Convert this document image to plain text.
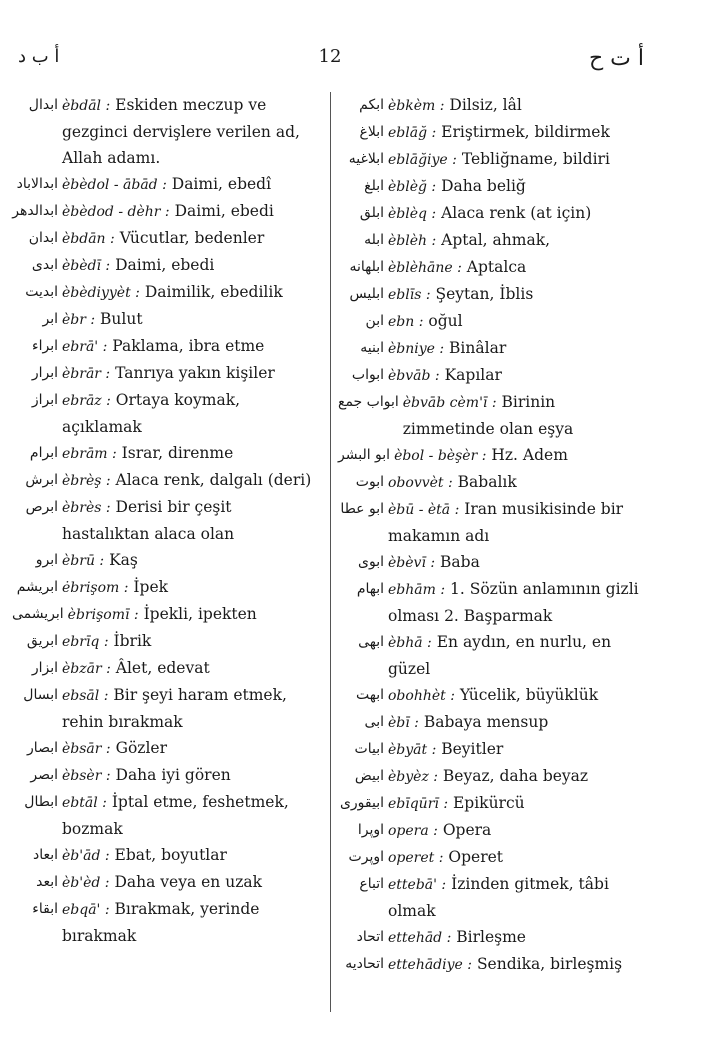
أ ب د	12	أ ت ح
ابدال èbdāl : Eskiden meczup ve gezginci dervişlere verilen ad, Allah adamı.
ابدالاباد èbèdol - ābād : Daimi, ebedî
ابدالدهر èbèdod - dèhr : Daimi, ebedi
ابدان èbdān : Vücutlar, bedenler
ابدى èbèdī : Daimi, ebedi
ابديت èbèdiyyèt : Daimilik, ebedilik
ابر èbr : Bulut
ابراء ebrā' : Paklama, ibra etme
ابرار èbrār : Tanrıya yakın kişiler
ابراز ebrāz : Ortaya koymak, açıklamak
ابرام ebrām : Israr, direnme
ابرش èbrèş : Alaca renk, dalgalı (deri)
ابرص èbrès : Derisi bir çeşit hastalıktan alaca olan
ابرو èbrū : Kaş
ابريشم ėbrişom : İpek
ابريشمى èbrişomī : İpekli, ipekten
ابريق ebrīq : İbrik
ابزار èbzār : Âlet, edevat
ابسال ebsāl : Bir şeyi haram etmek, rehin bırakmak
ابصار èbsār : Gözler
ابصر èbsèr : Daha iyi gören
ابطال ebtāl : İptal etme, feshetmek, bozmak
ابعاد èb'ād : Ebat, boyutlar
ابعد èb'èd : Daha veya en uzak
ابقاء ebqā' : Bırakmak, yerinde bırakmak
ابكم èbkèm : Dilsiz, lâl
ابلاغ eblāğ : Eriştirmek, bildirmek
ابلاغيه eblāğiye : Tebliğname, bildiri
ابلغ èblèğ : Daha beliğ
ابلق èblèq : Alaca renk (at için)
ابله èblèh : Aptal, ahmak,
ابلهانه èblèhāne : Aptalca
ابليس eblīs : Şeytan, İblis
ابن ebn : oğul
ابنيه èbniye : Binâlar
ابواب èbvāb : Kapılar
ابواب جمع èbvāb cèm'ī : Birinin zimmetinde olan eşya
ابو البشر èbol - bèşèr : Hz. Adem
ابوت obovvèt : Babalık
ابو عطا èbū - ètā : Iran musikisinde bir makamın adı
ابوى èbèvī : Baba
ابهام ebhām : 1. Sözün anlamının gizli olması 2. Başparmak
ابهى èbhā : En aydın, en nurlu, en güzel
ابهت obohhèt : Yücelik, büyüklük
ابى èbī : Babaya mensup
ابيات èbyāt : Beyitler
ابيض èbyèz : Beyaz, daha beyaz
ابيقورى ebīqūrī : Epikürcü
اوپرا opera : Opera
اوپرت operet : Operet
اتباع ettebā' : İzinden gitmek, tâbi olmak
اتحاد ettehād : Birleşme
اتحاديه ettehādiye : Sendika, birleşmiş
